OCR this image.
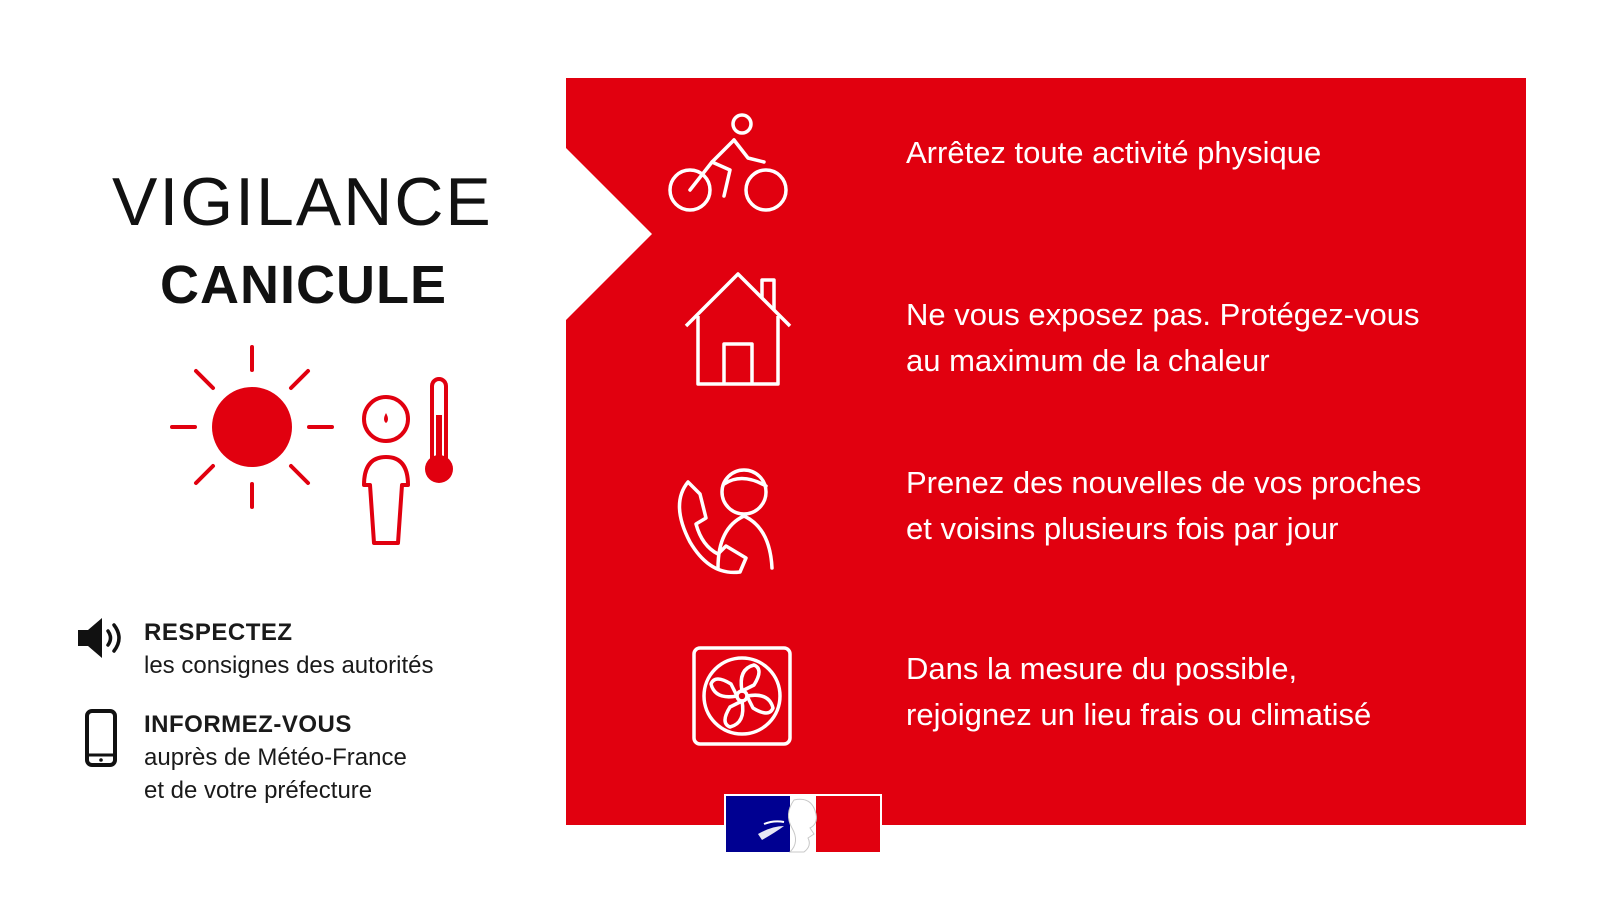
VIGILANCE
CANICULE
RESPECTEZ
les consignes des autorités
INFORMEZ-VOUS
auprès de Météo-France
et de votre préfecture
Arrêtez toute activité physique
Ne vous exposez pas. Protégez-vous
au maximum de la chaleur
Prenez des nouvelles de vos proches
et voisins plusieurs fois par jour
Dans la mesure du possible,
rejoignez un lieu frais ou climatisé
